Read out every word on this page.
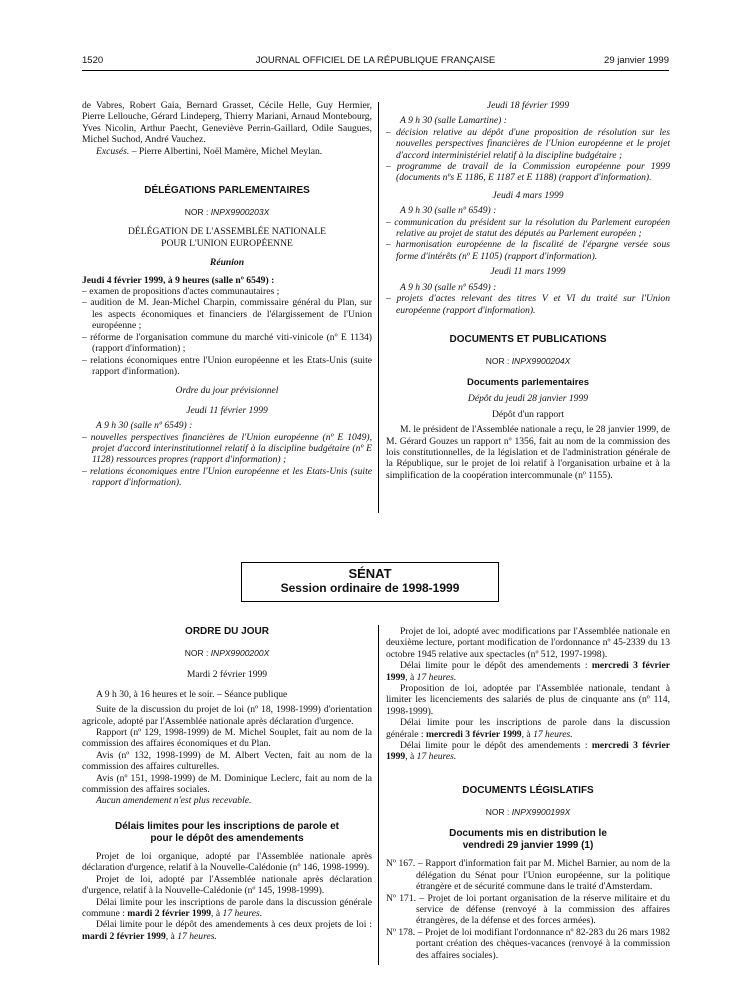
1520	JOURNAL OFFICIEL DE LA RÉPUBLIQUE FRANÇAISE	29 janvier 1999

de Vabres, Robert Gaia, Bernard Grasset, Cécile Helle, Guy Hermier, Pierre Lellouche, Gérard Lindeperg, Thierry Mariani, Arnaud Montebourg, Yves Nicolin, Arthur Paecht, Geneviève Perrin-Gaillard, Odile Saugues, Michel Suchod, André Vauchez.

Excusés. – Pierre Albertini, Noël Mamère, Michel Meylan.

DÉLÉGATIONS PARLEMENTAIRES
NOR : INPX9900203X

DÉLÉGATION DE L'ASSEMBLÉE NATIONALE POUR L'UNION EUROPÉENNE

Réunion

Jeudi 4 février 1999, à 9 heures (salle nº 6549) :

– examen de propositions d'actes communautaires ;

– audition de M. Jean-Michel Charpin, commissaire général du Plan, sur les aspects économiques et financiers de l'élargissement de l'Union européenne ;

– réforme de l'organisation commune du marché viti-vinicole (nº E 1134) (rapport d'information) ;

– relations économiques entre l'Union européenne et les Etats-Unis (suite rapport d'information).

Ordre du jour prévisionnel

Jeudi 11 février 1999

A 9 h 30 (salle nº 6549) :

– nouvelles perspectives financières de l'Union européenne (nº E 1049), projet d'accord interinstitutionnel relatif à la discipline budgétaire (nº E 1128) ressources propres (rapport d'information) ;

– relations économiques entre l'Union européenne et les Etats-Unis (suite rapport d'information).

Jeudi 18 février 1999

A 9 h 30 (salle Lamartine) :

– décision relative au dépôt d'une proposition de résolution sur les nouvelles perspectives financières de l'Union européenne et le projet d'accord interministériel relatif à la discipline budgétaire ;

– programme de travail de la Commission européenne pour 1999 (documents nºs E 1186, E 1187 et E 1188) (rapport d'information).

Jeudi 4 mars 1999

A 9 h 30 (salle nº 6549) :

– communication du président sur la résolution du Parlement européen relative au projet de statut des députés au Parlement européen ;

– harmonisation européenne de la fiscalité de l'épargne versée sous forme d'intérêts (nº E 1105) (rapport d'information).

Jeudi 11 mars 1999

A 9 h 30 (salle nº 6549) :

– projets d'actes relevant des titres V et VI du traité sur l'Union européenne (rapport d'information).

DOCUMENTS ET PUBLICATIONS
NOR : INPX9900204X
Documents parlementaires

Dépôt du jeudi 28 janvier 1999

Dépôt d'un rapport

M. le président de l'Assemblée nationale a reçu, le 28 janvier 1999, de M. Gérard Gouzes un rapport nº 1356, fait au nom de la commission des lois constitutionnelles, de la législation et de l'administration générale de la République, sur le projet de loi relatif à l'organisation urbaine et à la simplification de la coopération intercommunale (nº 1155).

SÉNAT
Session ordinaire de 1998-1999
ORDRE DU JOUR
NOR : INPX9900200X

Mardi 2 février 1999

A 9 h 30, à 16 heures et le soir. – Séance publique

Suite de la discussion du projet de loi (nº 18, 1998-1999) d'orientation agricole, adopté par l'Assemblée nationale après déclaration d'urgence.

Rapport (nº 129, 1998-1999) de M. Michel Souplet, fait au nom de la commission des affaires économiques et du Plan.

Avis (nº 132, 1998-1999) de M. Albert Vecten, fait au nom de la commission des affaires culturelles.

Avis (nº 151, 1998-1999) de M. Dominique Leclerc, fait au nom de la commission des affaires sociales.

Aucun amendement n'est plus recevable.

Délais limites pour les inscriptions de parole et pour le dépôt des amendements

Projet de loi organique, adopté par l'Assemblée nationale après déclaration d'urgence, relatif à la Nouvelle-Calédonie (nº 146, 1998-1999).

Projet de loi, adopté par l'Assemblée nationale après déclaration d'urgence, relatif à la Nouvelle-Calédonie (nº 145, 1998-1999).

Délai limite pour les inscriptions de parole dans la discussion générale commune : mardi 2 février 1999, à 17 heures.

Délai limite pour le dépôt des amendements à ces deux projets de loi : mardi 2 février 1999, à 17 heures.

Projet de loi, adopté avec modifications par l'Assemblée nationale en deuxième lecture, portant modification de l'ordonnance nº 45-2339 du 13 octobre 1945 relative aux spectacles (nº 512, 1997-1998).

Délai limite pour le dépôt des amendements : mercredi 3 février 1999, à 17 heures.

Proposition de loi, adoptée par l'Assemblée nationale, tendant à limiter les licenciements des salariés de plus de cinquante ans (nº 114, 1998-1999).

Délai limite pour les inscriptions de parole dans la discussion générale : mercredi 3 février 1999, à 17 heures.

Délai limite pour le dépôt des amendements : mercredi 3 février 1999, à 17 heures.

DOCUMENTS LÉGISLATIFS
NOR : INPX9900199X
Documents mis en distribution le vendredi 29 janvier 1999 (1)

Nº 167. – Rapport d'information fait par M. Michel Barnier, au nom de la délégation du Sénat pour l'Union européenne, sur la politique étrangère et de sécurité commune dans le traité d'Amsterdam.

Nº 171. – Projet de loi portant organisation de la réserve militaire et du service de défense (renvoyé à la commission des affaires étrangères, de la défense et des forces armées).

Nº 178. – Projet de loi modifiant l'ordonnance nº 82-283 du 26 mars 1982 portant création des chèques-vacances (renvoyé à la commission des affaires sociales).
